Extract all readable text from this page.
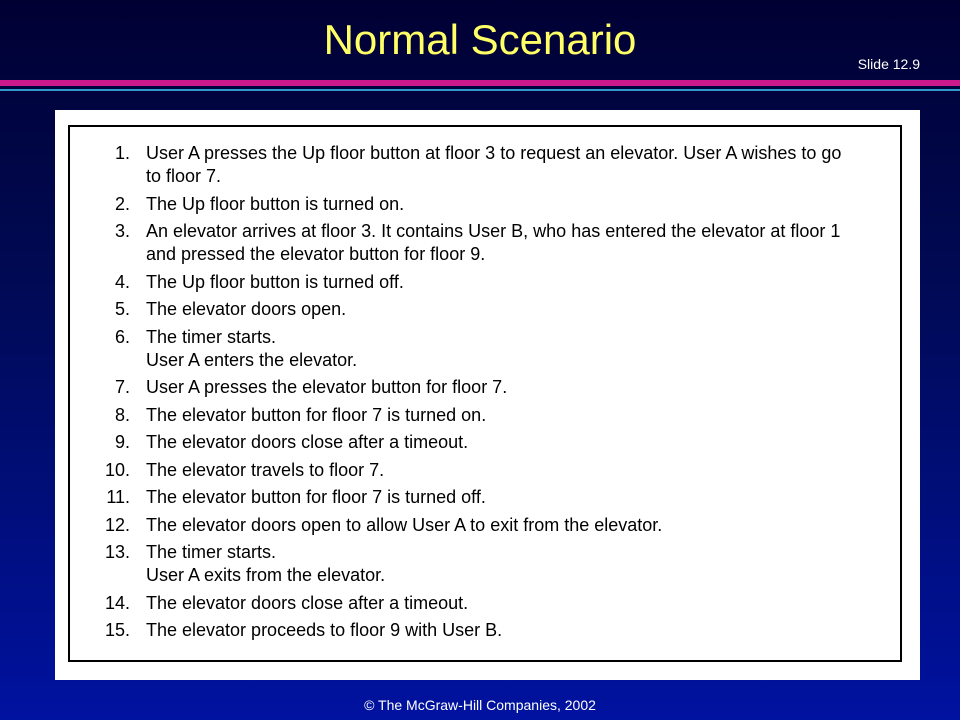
Normal Scenario
Slide 12.9
1. User A presses the Up floor button at floor 3 to request an elevator. User A wishes to go
to floor 7.
2. The Up floor button is turned on.
3. An elevator arrives at floor 3. It contains User B, who has entered the elevator at floor 1
and pressed the elevator button for floor 9.
4. The Up floor button is turned off.
5. The elevator doors open.
6. The timer starts.
User A enters the elevator.
7. User A presses the elevator button for floor 7.
8. The elevator button for floor 7 is turned on.
9. The elevator doors close after a timeout.
10. The elevator travels to floor 7.
11. The elevator button for floor 7 is turned off.
12. The elevator doors open to allow User A to exit from the elevator.
13. The timer starts.
User A exits from the elevator.
14. The elevator doors close after a timeout.
15. The elevator proceeds to floor 9 with User B.
© The McGraw-Hill Companies, 2002
